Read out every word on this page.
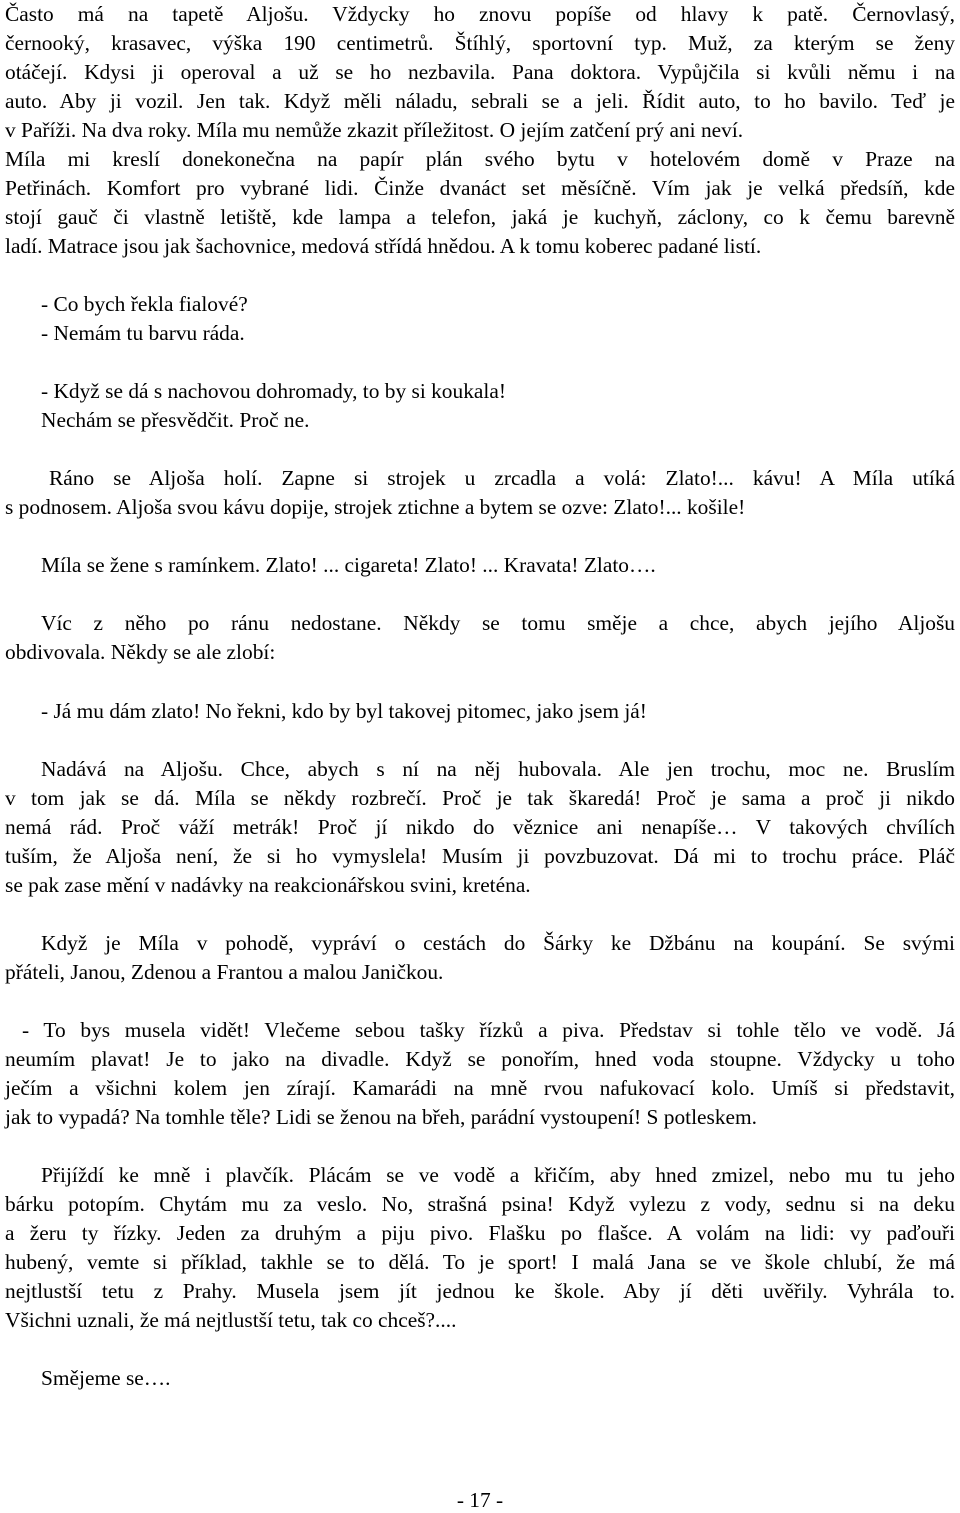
Často má na tapetě Aljošu. Vždycky ho znovu popíše od hlavy k patě. Černovlasý,
černooký, krasavec, výška 190 centimetrů. Štíhlý, sportovní typ. Muž, za kterým se ženy
otáčejí. Kdysi ji operoval a už se ho nezbavila. Pana doktora. Vypůjčila si kvůli němu i na
auto. Aby ji vozil. Jen tak. Když měli náladu, sebrali se a jeli. Řídit auto, to ho bavilo. Teď je
v Paříži. Na dva roky. Míla mu nemůže zkazit příležitost. O jejím zatčení prý ani neví.
Míla mi kreslí donekonečna na papír plán svého bytu v hotelovém domě v Praze na
Petřinách. Komfort pro vybrané lidi. Činže dvanáct set měsíčně. Vím jak je velká předsíň, kde
stojí gauč či vlastně letiště, kde lampa a telefon, jaká je kuchyň, záclony, co k čemu barevně
ladí. Matrace jsou jak šachovnice, medová střídá hnědou. A k tomu koberec padané listí.
- Co bych řekla fialové?
- Nemám tu barvu ráda.
- Když se dá s nachovou dohromady, to by si koukala!
Nechám se přesvědčit. Proč ne.
Ráno se Aljoša holí. Zapne si strojek u zrcadla a volá: Zlato!... kávu! A Míla utíká
s podnosem. Aljoša svou kávu dopije, strojek ztichne a bytem se ozve: Zlato!... košile!
Míla se žene s ramínkem. Zlato! ... cigareta! Zlato! ... Kravata! Zlato….
Víc z něho po ránu nedostane. Někdy se tomu směje a chce, abych jejího Aljošu
obdivovala. Někdy se ale zlobí:
- Já mu dám zlato! No řekni, kdo by byl takovej pitomec, jako jsem já!
Nadává na Aljošu. Chce, abych s ní na něj hubovala. Ale jen trochu, moc ne. Bruslím
v tom jak se dá. Míla se někdy rozbrečí. Proč je tak škaredá! Proč je sama a proč ji nikdo
nemá rád. Proč váží metrák! Proč jí nikdo do věznice ani nenapíše… V takových chvílích
tuším, že Aljoša není, že si ho vymyslela! Musím ji povzbuzovat. Dá mi to trochu práce. Pláč
se pak zase mění v nadávky na reakcionářskou svini, kreténa.
Když je Míla v pohodě, vypráví o cestách do Šárky ke Džbánu na koupání. Se svými
přáteli, Janou, Zdenou a Frantou a malou Janičkou.
- To bys musela vidět! Vlečeme sebou tašky řízků a piva. Představ si tohle tělo ve vodě. Já
neumím plavat! Je to jako na divadle. Když se ponořím, hned voda stoupne. Vždycky u toho
ječím a všichni kolem jen zírají. Kamarádi na mně rvou nafukovací kolo. Umíš si představit,
jak to vypadá? Na tomhle těle? Lidi se ženou na břeh, parádní vystoupení! S potleskem.
Přijíždí ke mně i plavčík. Plácám se ve vodě a křičím, aby hned zmizel, nebo mu tu jeho
bárku potopím. Chytám mu za veslo. No, strašná psina! Když vylezu z vody, sednu si na deku
a žeru ty řízky. Jeden za druhým a piju pivo. Flašku po flašce. A volám na lidi: vy paďouři
hubený, vemte si příklad, takhle se to dělá. To je sport! I malá Jana se ve škole chlubí, že má
nejtlustší tetu z Prahy. Musela jsem jít jednou ke škole. Aby jí děti uvěřily. Vyhrála to.
Všichni uznali, že má nejtlustší tetu, tak co chceš?....
Smějeme se….
- 17 -
